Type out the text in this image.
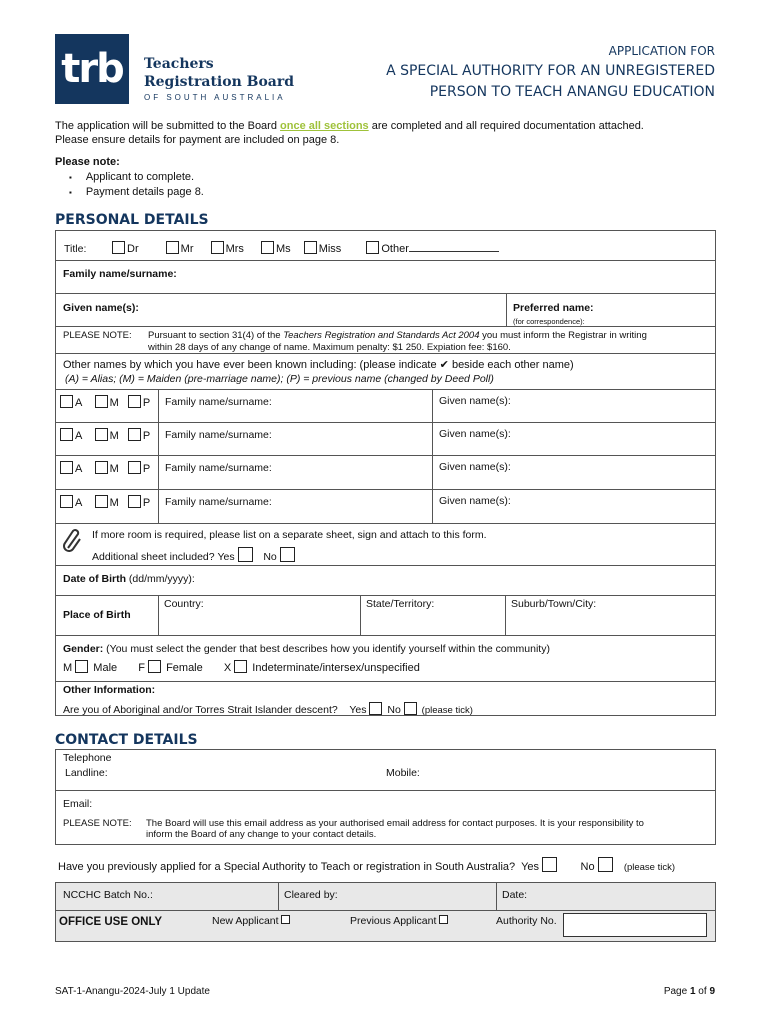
trb	Teachers
Registration Board
OF SOUTH AUSTRALIA
APPLICATION FOR
A SPECIAL AUTHORITY FOR AN UNREGISTERED
PERSON TO TEACH ANANGU EDUCATION
The application will be submitted to the Board once all sections are completed and all required documentation attached.
Please ensure details for payment are included on page 8.
Please note:
▪ Applicant to complete.
▪ Payment details page 8.
PERSONAL DETAILS
Title:	Dr	Mr	Mrs	Ms	Miss	Other
Family name/surname:
Given name(s):	Preferred name:
(for correspondence):
PLEASE NOTE: Pursuant to section 31(4) of the Teachers Registration and Standards Act 2004 you must inform the Registrar in writing
within 28 days of any change of name. Maximum penalty: $1 250. Expiation fee: $160.
Other names by which you have ever been known including: (please indicate ✔ beside each other name)
(A) = Alias; (M) = Maiden (pre-marriage name); (P) = previous name (changed by Deed Poll)
A M P Family name/surname:	Given name(s):
A M P Family name/surname:	Given name(s):
A M P Family name/surname:	Given name(s):
A M P Family name/surname:	Given name(s):
If more room is required, please list on a separate sheet, sign and attach to this form.
Additional sheet included? Yes	No
Date of Birth (dd/mm/yyyy):
Place of Birth
Country:	State/Territory:	Suburb/Town/City:
Gender: (You must select the gender that best describes how you identify yourself within the community)
M Male F Female X Indeterminate/intersex/unspecified
Other Information:
Are you of Aboriginal and/or Torres Strait Islander descent? Yes No (please tick)
CONTACT DETAILS
Telephone
Landline:	Mobile:
Email:
PLEASE NOTE: The Board will use this email address as your authorised email address for contact purposes. It is your responsibility to
inform the Board of any change to your contact details.
Have you previously applied for a Special Authority to Teach or registration in South Australia? Yes	No	(please tick)
NCCHC Batch No.:	Cleared by:	Date:
OFFICE USE ONLY	New Applicant	Previous Applicant	Authority No.
SAT-1-Anangu-2024-July 1 Update	Page 1 of 9
